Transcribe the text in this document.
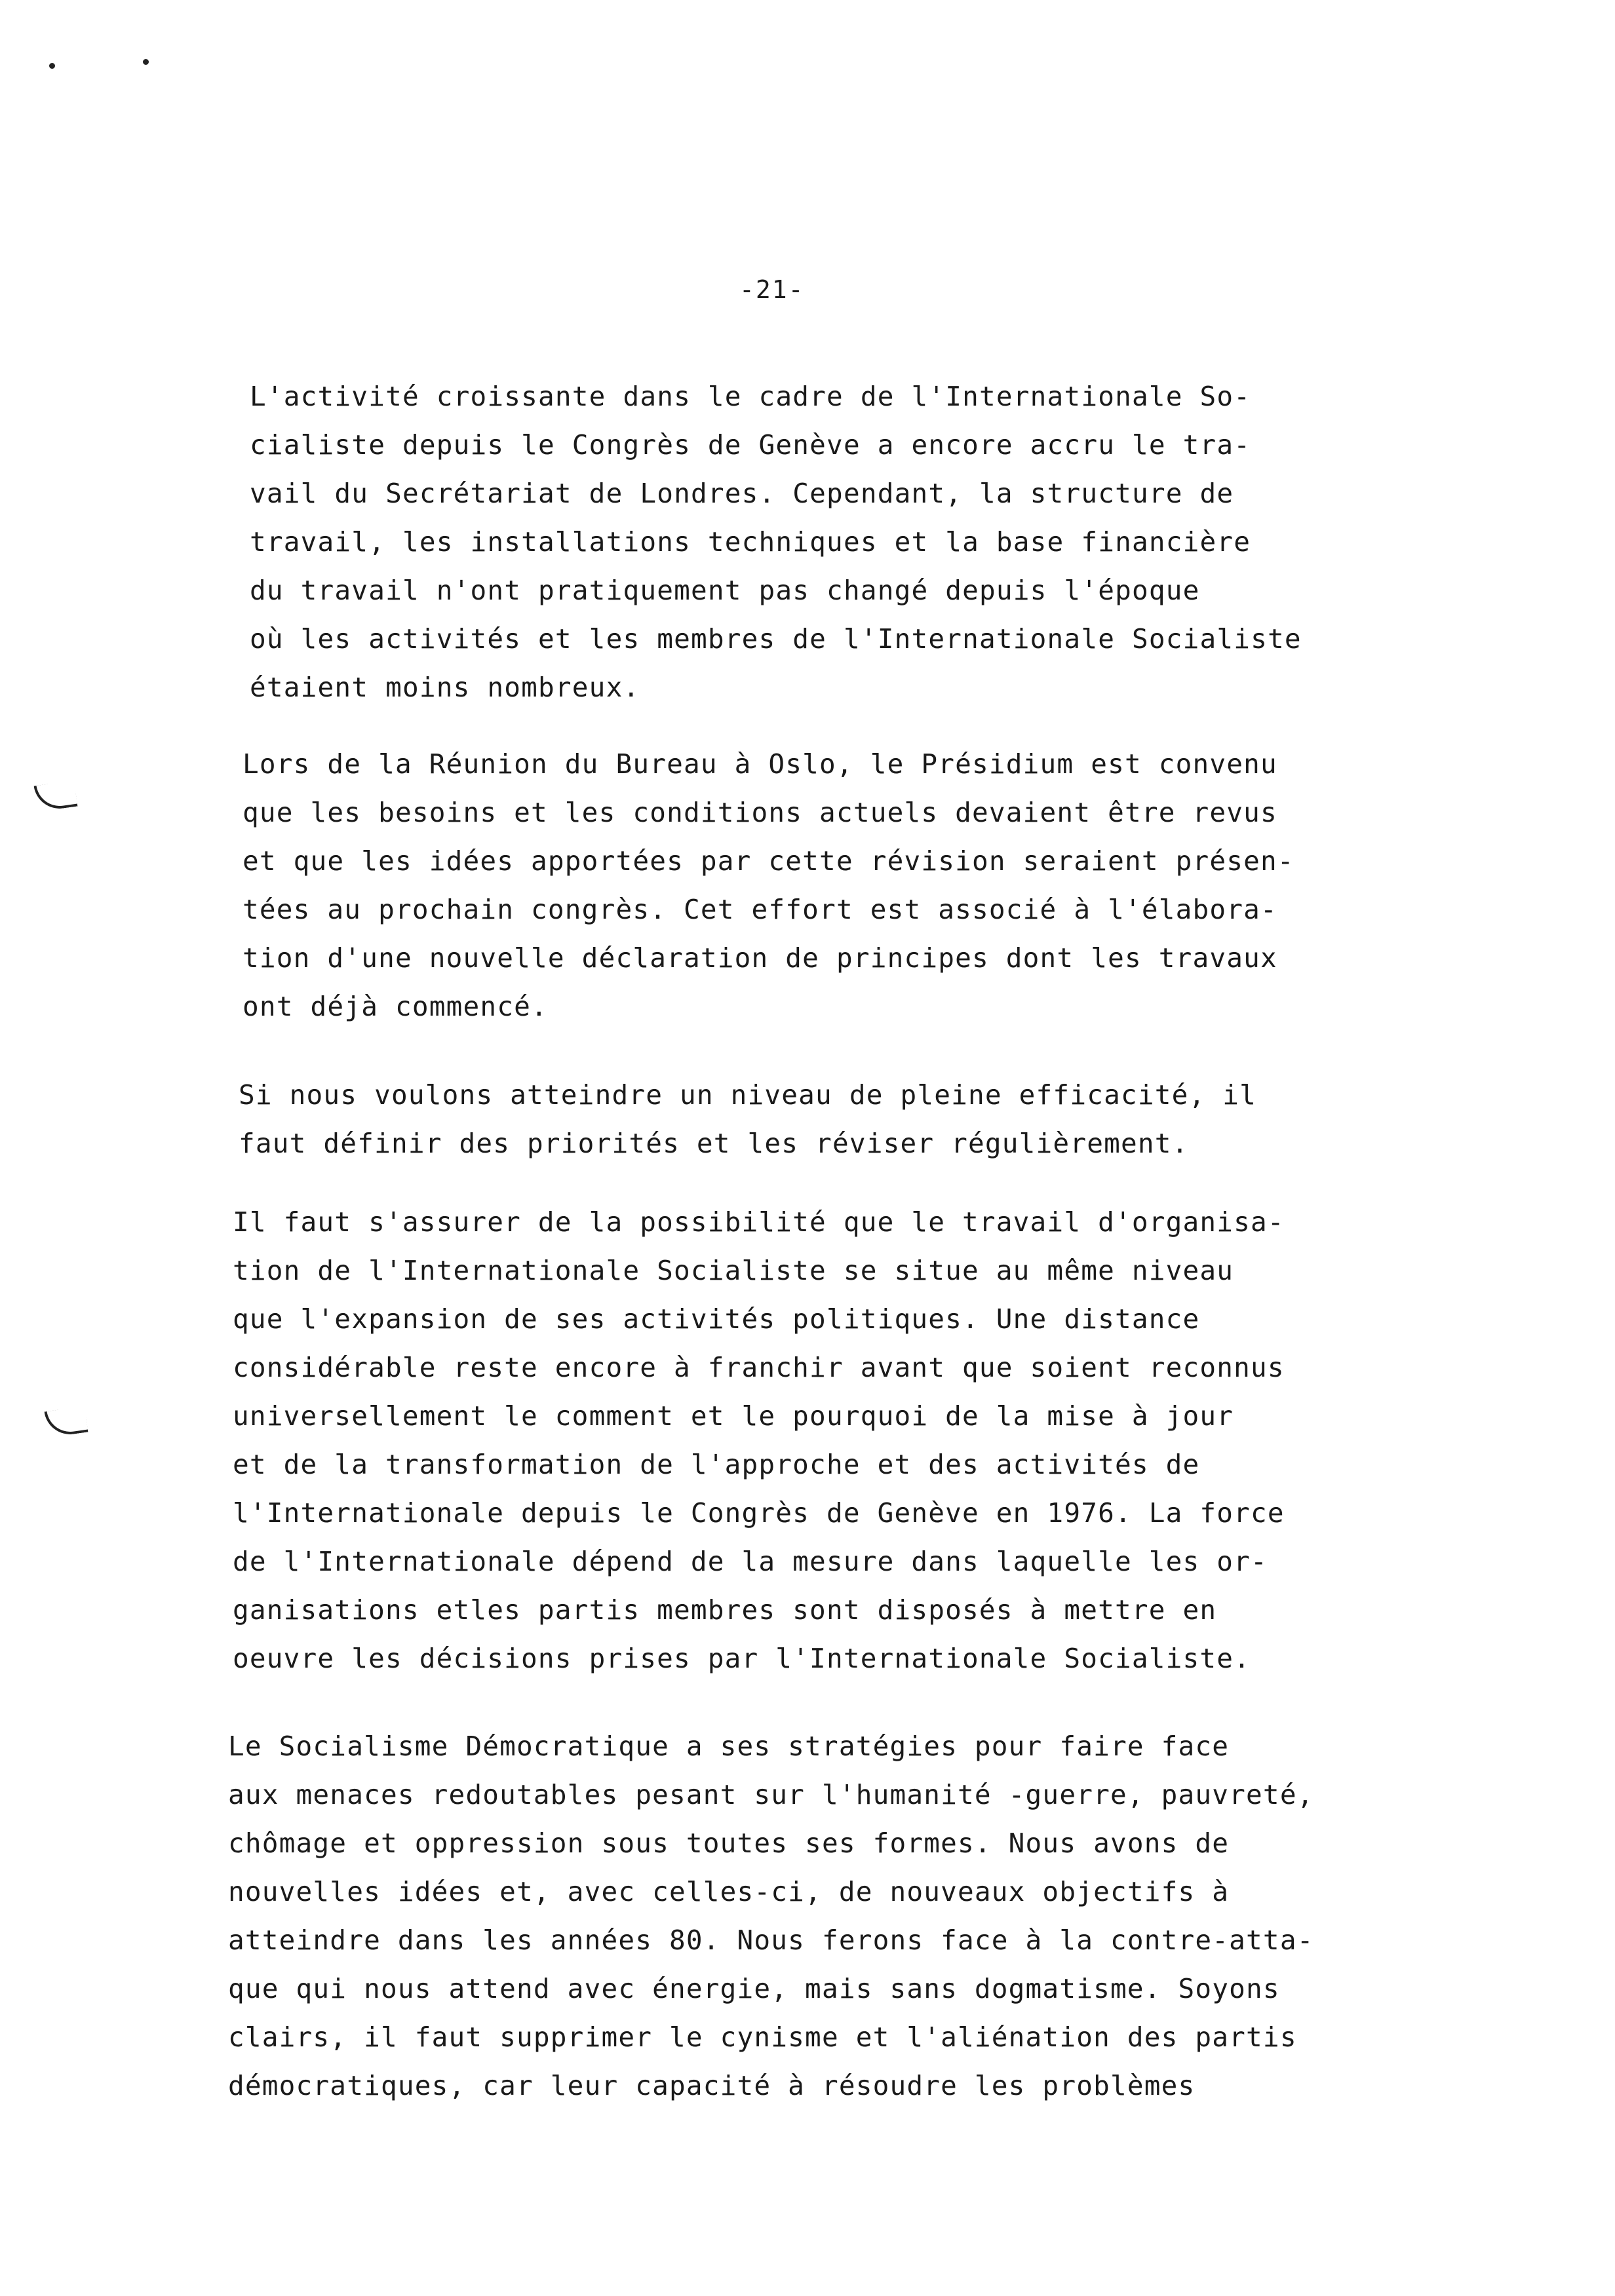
-21-
L'activité croissante dans le cadre de l'Internationale So-
cialiste depuis le Congrès de Genève a encore accru le tra-
vail du Secrétariat de Londres. Cependant, la structure de
travail, les installations techniques et la base financière
du travail n'ont pratiquement pas changé depuis l'époque
où les activités et les membres de l'Internationale Socialiste
étaient moins nombreux.
Lors de la Réunion du Bureau à Oslo, le Présidium est convenu
que les besoins et les conditions actuels devaient être revus
et que les idées apportées par cette révision seraient présen-
tées au prochain congrès. Cet effort est associé à l'élabora-
tion d'une nouvelle déclaration de principes dont les travaux
ont déjà commencé.
Si nous voulons atteindre un niveau de pleine efficacité, il
faut définir des priorités et les réviser régulièrement.
Il faut s'assurer de la possibilité que le travail d'organisa-
tion de l'Internationale Socialiste se situe au même niveau
que l'expansion de ses activités politiques. Une distance
considérable reste encore à franchir avant que soient reconnus
universellement le comment et le pourquoi de la mise à jour
et de la transformation de l'approche et des activités de
l'Internationale depuis le Congrès de Genève en 1976. La force
de l'Internationale dépend de la mesure dans laquelle les or-
ganisations etles partis membres sont disposés à mettre en
oeuvre les décisions prises par l'Internationale Socialiste.
Le Socialisme Démocratique a ses stratégies pour faire face
aux menaces redoutables pesant sur l'humanité -guerre, pauvreté,
chômage et oppression sous toutes ses formes. Nous avons de
nouvelles idées et, avec celles-ci, de nouveaux objectifs à
atteindre dans les années 80. Nous ferons face à la contre-atta-
que qui nous attend avec énergie, mais sans dogmatisme. Soyons
clairs, il faut supprimer le cynisme et l'aliénation des partis
démocratiques, car leur capacité à résoudre les problèmes
